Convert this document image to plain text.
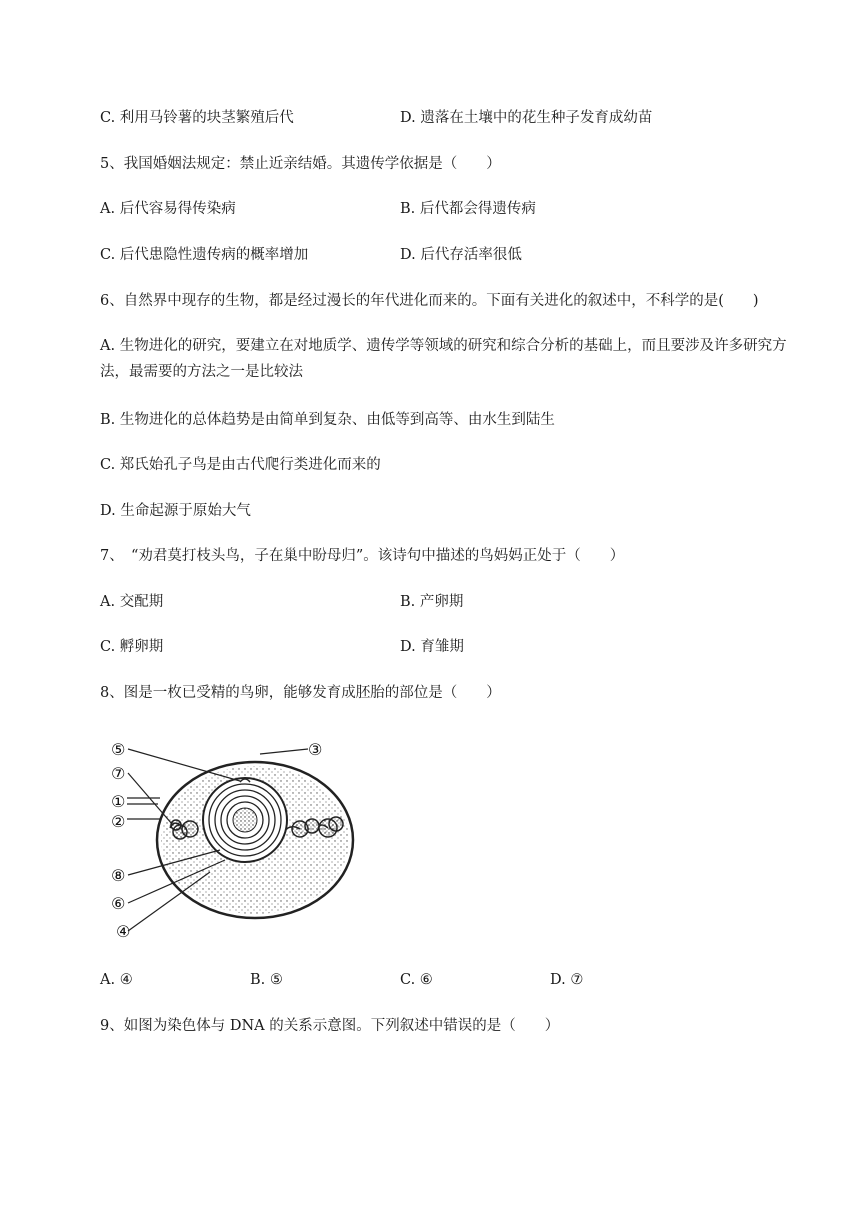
C. 利用马铃薯的块茎繁殖后代	D. 遗落在土壤中的花生种子发育成幼苗
5、我国婚姻法规定：禁止近亲结婚。其遗传学依据是（　　）
A. 后代容易得传染病	B. 后代都会得遗传病
C. 后代患隐性遗传病的概率增加	D. 后代存活率很低
6、自然界中现存的生物，都是经过漫长的年代进化而来的。下面有关进化的叙述中，不科学的是(　　)
A. 生物进化的研究，要建立在对地质学、遗传学等领域的研究和综合分析的基础上，而且要涉及许多研究方法，最需要的方法之一是比较法
B. 生物进化的总体趋势是由简单到复杂、由低等到高等、由水生到陆生
C. 郑氏始孔子鸟是由古代爬行类进化而来的
D. 生命起源于原始大气
7、　“劝君莫打枝头鸟，子在巢中盼母归”。该诗句中描述的鸟妈妈正处于（　　）
A. 交配期	B. 产卵期
C. 孵卵期	D. 育雏期
8、图是一枚已受精的鸟卵，能够发育成胚胎的部位是（　　）
⑤	③
⑦
①
②
⑧
⑥
④
A. ④	B. ⑤	C. ⑥	D. ⑦
9、如图为染色体与 DNA 的关系示意图。下列叙述中错误的是（　　）
